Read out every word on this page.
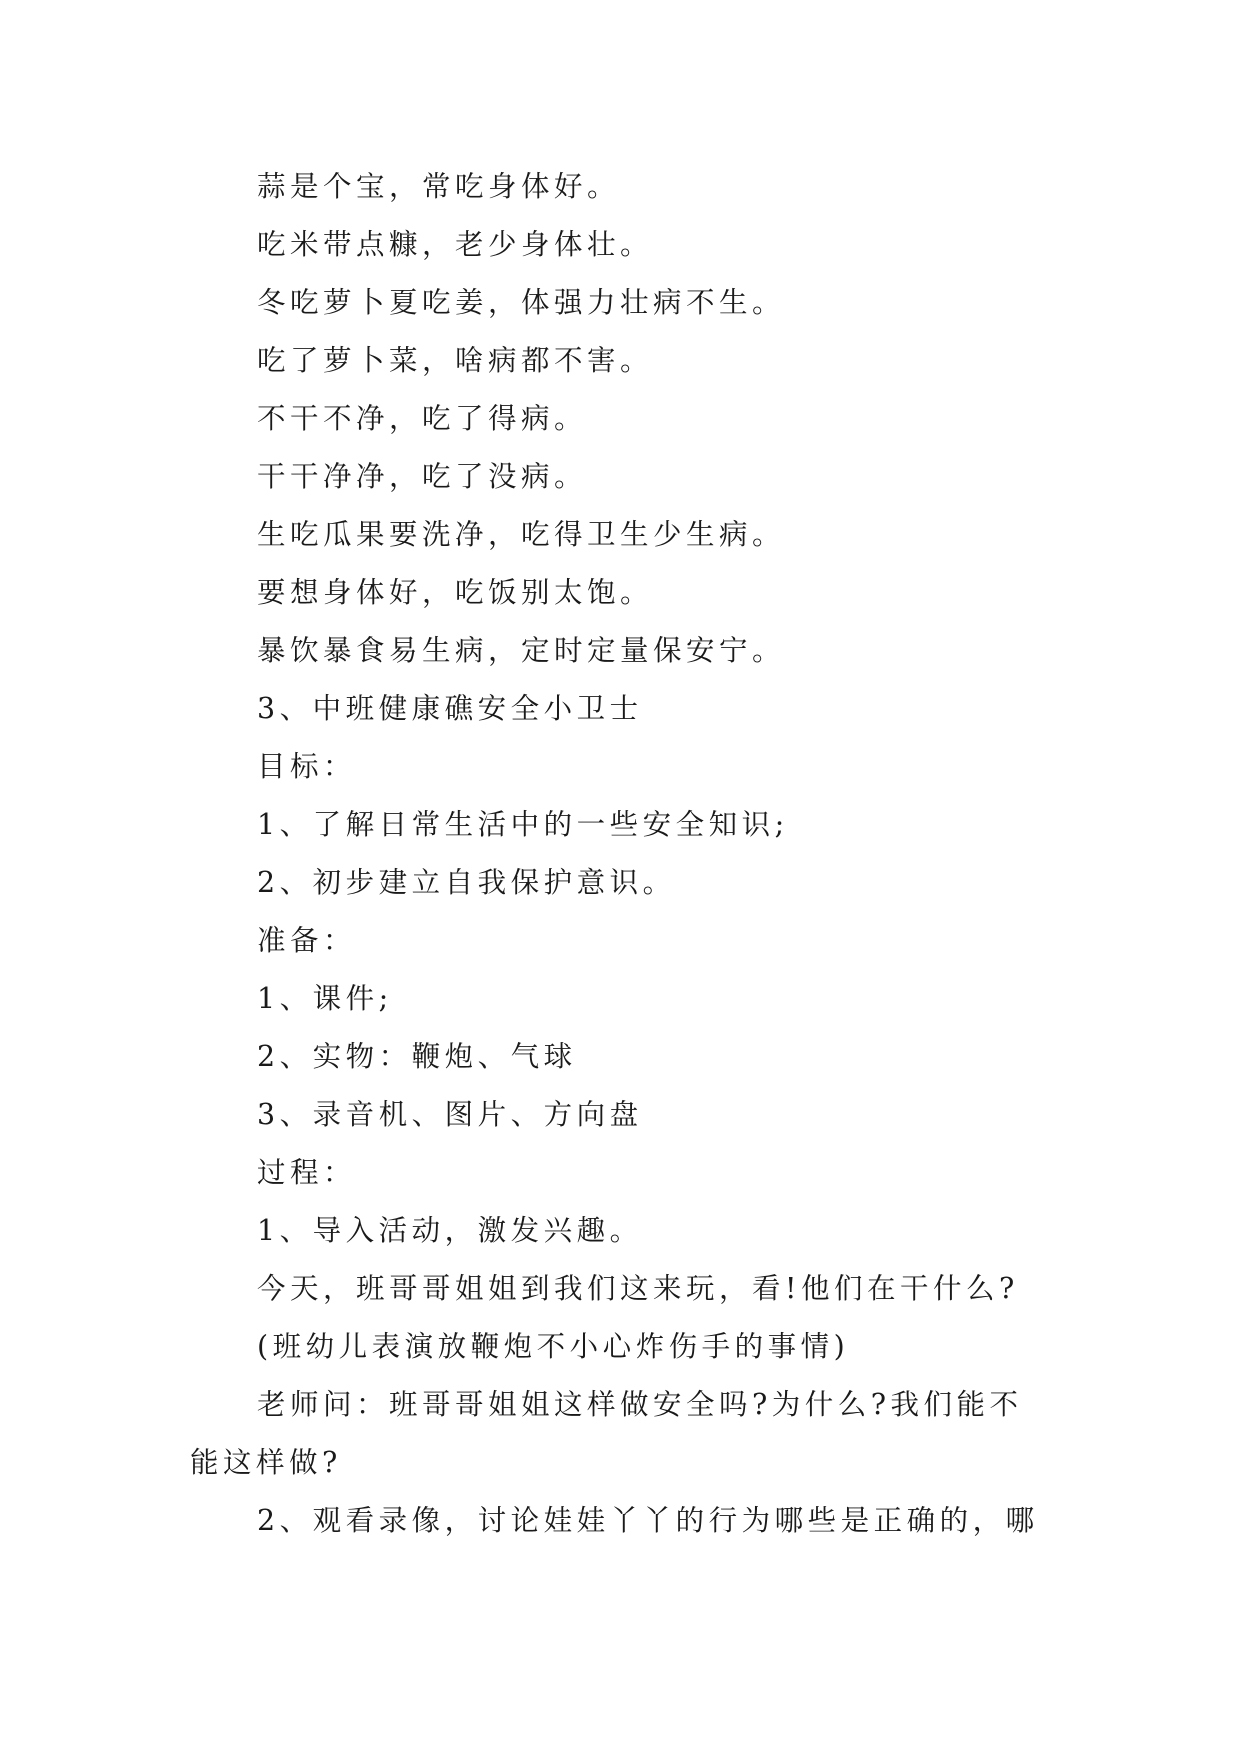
蒜是个宝，常吃身体好。

吃米带点糠，老少身体壮。

冬吃萝卜夏吃姜，体强力壮病不生。

吃了萝卜菜，啥病都不害。

不干不净，吃了得病。

干干净净，吃了没病。

生吃瓜果要洗净，吃得卫生少生病。

要想身体好，吃饭别太饱。

暴饮暴食易生病，定时定量保安宁。

3、中班健康礁安全小卫士

目标：

1、了解日常生活中的一些安全知识;

2、初步建立自我保护意识。

准备：

1、课件;

2、实物：鞭炮、气球

3、录音机、图片、方向盘

过程：

1、导入活动，激发兴趣。

今天，班哥哥姐姐到我们这来玩，看!他们在干什么?

(班幼儿表演放鞭炮不小心炸伤手的事情)

老师问：班哥哥姐姐这样做安全吗?为什么?我们能不能这样做?

2、观看录像，讨论娃娃丫丫的行为哪些是正确的，哪
